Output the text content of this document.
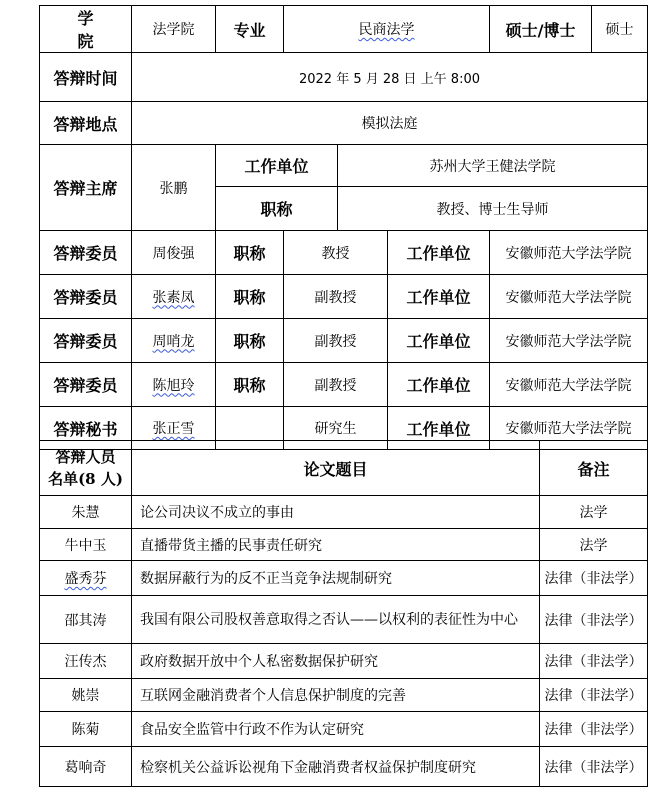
学　院	法学院	专业	民商法学			硕士/博士	硕士
答辩时间	2022 年 5 月 28 日 上午 8:00						
答辩地点	模拟法庭						
答辩主席	张鹏	工作单位		苏州大学王健法学院			
		职称		教授、博士生导师			
答辩委员	周俊强	职称	教授		工作单位	安徽师范大学法学院	
答辩委员	张素凤	职称	副教授		工作单位	安徽师范大学法学院	
答辩委员	周哨龙	职称	副教授		工作单位	安徽师范大学法学院	
答辩委员	陈旭玲	职称	副教授		工作单位	安徽师范大学法学院	
答辩秘书	张正雪		研究生		工作单位	安徽师范大学法学院	
答辩人员
名单(8 人)	论文题目	备注
朱慧	论公司决议不成立的事由	法学
牛中玉	直播带货主播的民事责任研究	法学
盛秀芬	数据屏蔽行为的反不正当竞争法规制研究	法律（非法学）
邵其涛	我国有限公司股权善意取得之否认——以权利的表征性为中心	法律（非法学）
汪传杰	政府数据开放中个人私密数据保护研究	法律（非法学）
姚崇	互联网金融消费者个人信息保护制度的完善	法律（非法学）
陈菊	食品安全监管中行政不作为认定研究	法律（非法学）
葛响奇	检察机关公益诉讼视角下金融消费者权益保护制度研究	法律（非法学）
